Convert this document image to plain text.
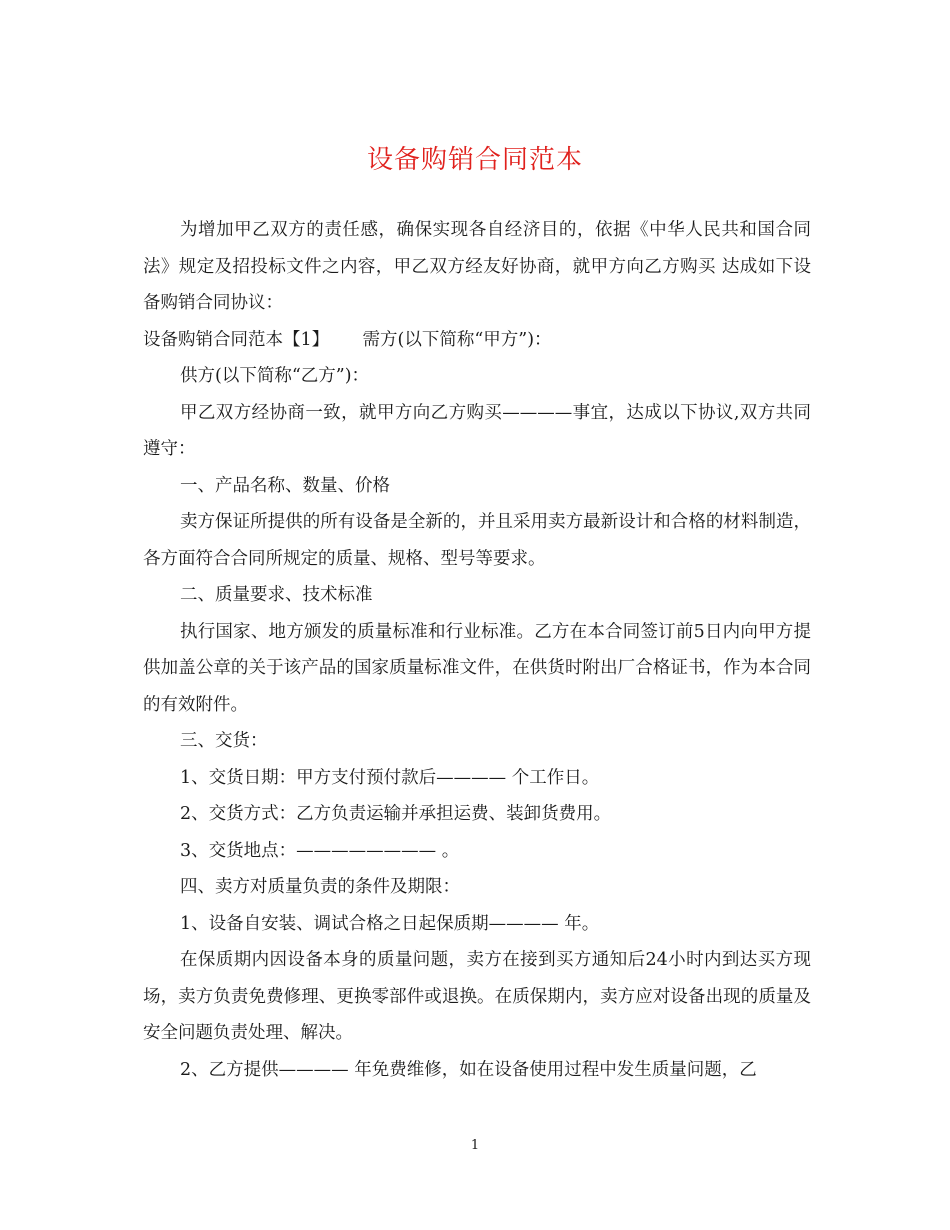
设备购销合同范本

为增加甲乙双方的责任感，确保实现各自经济目的，依据《中华人民共和国合同法》规定及招投标文件之内容，甲乙双方经友好协商，就甲方向乙方购买 达成如下设备购销合同协议：

设备购销合同范本【1】      需方(以下简称“甲方”)：

供方(以下简称“乙方”)：

甲乙双方经协商一致，就甲方向乙方购买————事宜，达成以下协议,双方共同遵守：

一、产品名称、数量、价格

卖方保证所提供的所有设备是全新的，并且采用卖方最新设计和合格的材料制造，各方面符合合同所规定的质量、规格、型号等要求。

二、质量要求、技术标准

执行国家、地方颁发的质量标准和行业标准。乙方在本合同签订前5日内向甲方提供加盖公章的关于该产品的国家质量标准文件，在供货时附出厂合格证书，作为本合同的有效附件。

三、交货：

1、交货日期：甲方支付预付款后———— 个工作日。

2、交货方式：乙方负责运输并承担运费、装卸货费用。

3、交货地点：———————— 。

四、卖方对质量负责的条件及期限：

1、设备自安装、调试合格之日起保质期———— 年。

在保质期内因设备本身的质量问题，卖方在接到买方通知后24小时内到达买方现场，卖方负责免费修理、更换零部件或退换。在质保期内，卖方应对设备出现的质量及安全问题负责处理、解决。

2、乙方提供———— 年免费维修，如在设备使用过程中发生质量问题，乙

1
